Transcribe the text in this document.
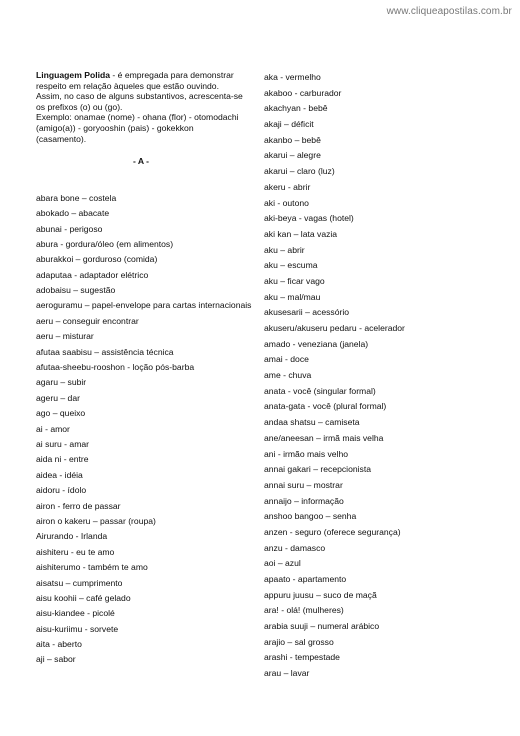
www.cliqueapostilas.com.br

Linguagem Polida - é empregada para demonstrar respeito em relação àqueles que estão ouvindo. Assim, no caso de alguns substantivos, acrescenta-se os prefixos (o) ou (go).
Exemplo: onamae (nome) - ohana (flor) - otomodachi (amigo(a)) - goryooshin (pais) - gokekkon (casamento).

- A -
abara bone – costela
abokado – abacate
abunai - perigoso
abura - gordura/óleo (em alimentos)
aburakkoi – gorduroso (comida)
adaputaa - adaptador elétrico
adobaisu – sugestão
aeroguramu – papel-envelope para cartas internacionais
aeru – conseguir encontrar
aeru – misturar
afutaa saabisu – assistência técnica
afutaa-sheebu-rooshon - loção pós-barba
agaru – subir
ageru – dar
ago – queixo
ai - amor
ai suru - amar
aida ni - entre
aidea - idéia
aidoru - ídolo
airon - ferro de passar
airon o kakeru – passar (roupa)
Airurando - Irlanda
aishiteru - eu te amo
aishiterumo - também te amo
aisatsu – cumprimento
aisu koohii – café gelado
aisu-kiandee - picolé
aisu-kuriimu - sorvete
aita - aberto
aji – sabor
aka - vermelho
akaboo - carburador
akachyan - bebê
akaji – déficit
akanbo – bebê
akarui – alegre
akarui – claro (luz)
akeru - abrir
aki - outono
aki-beya - vagas (hotel)
aki kan – lata vazia
aku – abrir
aku – escuma
aku – ficar vago
aku – mal/mau
akusesarii – acessório
akuseru/akuseru pedaru - acelerador
amado - veneziana (janela)
amai - doce
ame - chuva
anata - você (singular formal)
anata-gata - você (plural formal)
andaa shatsu – camiseta
ane/aneesan – irmã mais velha
ani - irmão mais velho
annai gakari – recepcionista
annai suru – mostrar
annaijo – informação
anshoo bangoo – senha
anzen - seguro (oferece segurança)
anzu - damasco
aoi – azul
apaato - apartamento
appuru juusu – suco de maçã
ara! - olá! (mulheres)
arabia suuji – numeral arábico
arajio – sal grosso
arashi - tempestade
arau – lavar
